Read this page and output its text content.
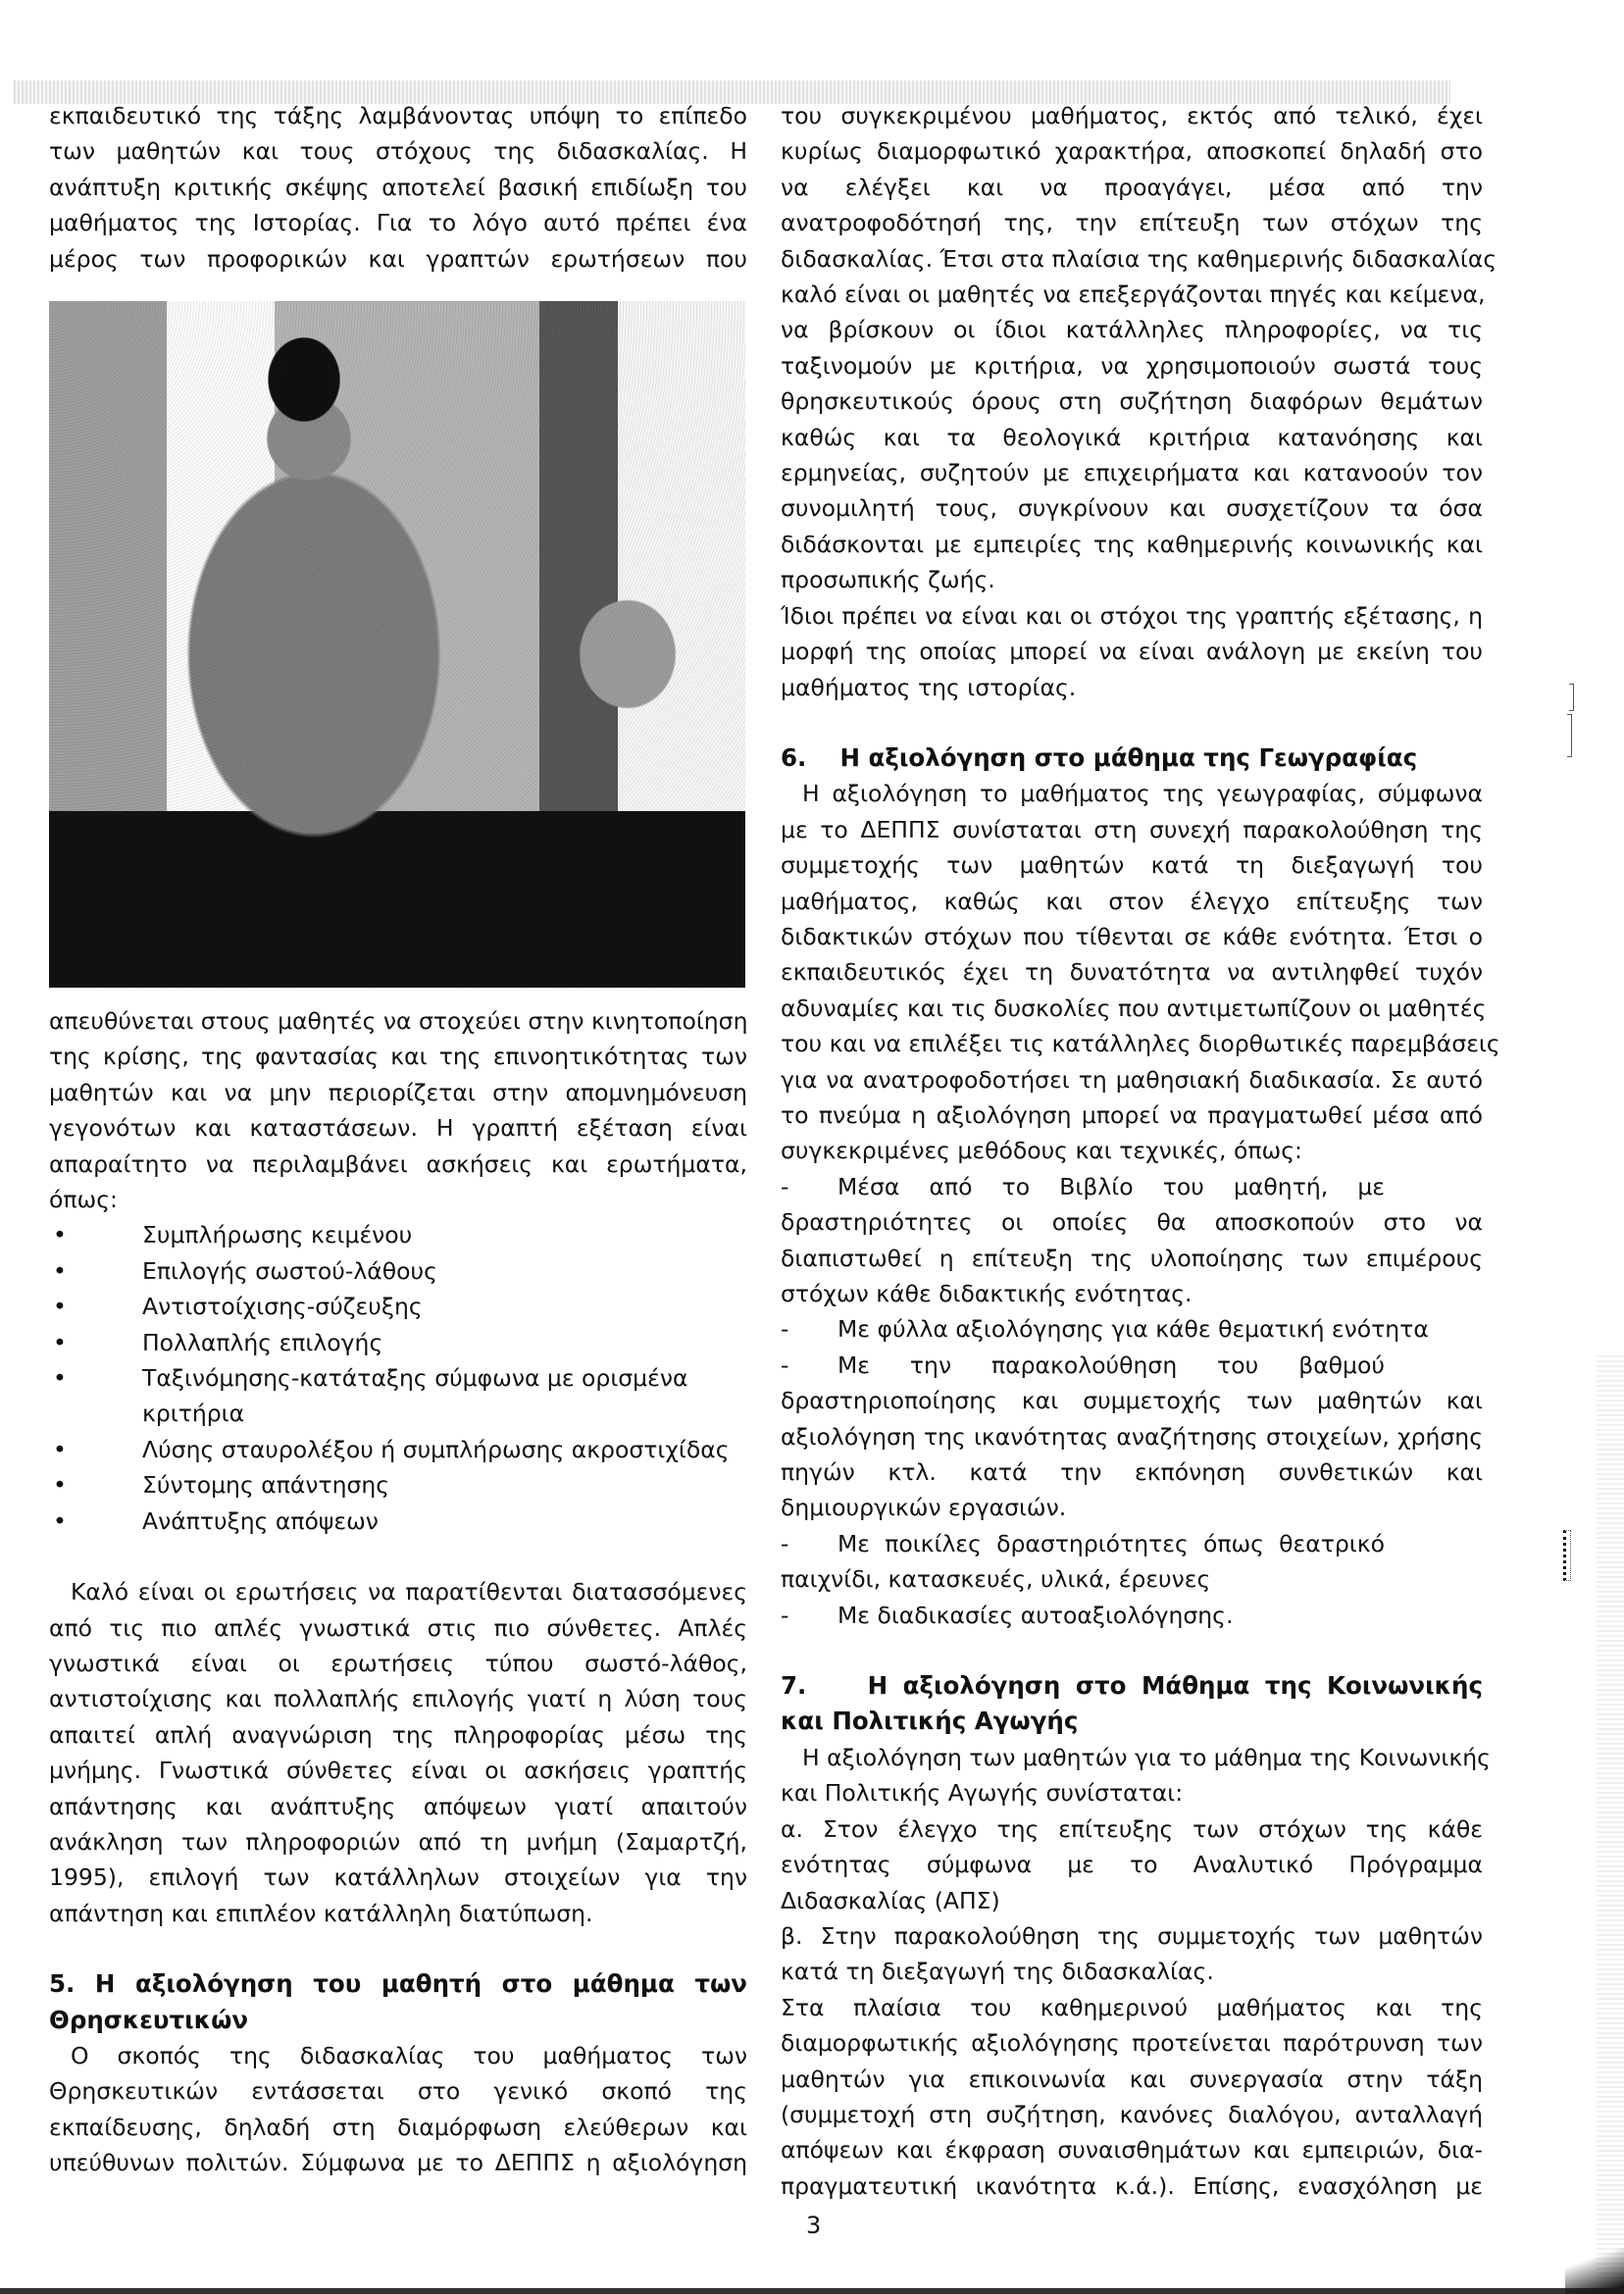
εκπαιδευτικό της τάξης λαμβάνοντας υπόψη το επίπεδο
των μαθητών και τους στόχους της διδασκαλίας. Η
ανάπτυξη κριτικής σκέψης αποτελεί βασική επιδίωξη του
μαθήματος της Ιστορίας. Για το λόγο αυτό πρέπει ένα
μέρος των προφορικών και γραπτών ερωτήσεων που

απευθύνεται στους μαθητές να στοχεύει στην κινητοποίηση
της κρίσης, της φαντασίας και της επινοητικότητας των
μαθητών και να μην περιορίζεται στην απομνημόνευση
γεγονότων και καταστάσεων. Η γραπτή εξέταση είναι
απαραίτητο να περιλαμβάνει ασκήσεις και ερωτήματα,
όπως:

•	Συμπλήρωσης κειμένου
•	Επιλογής σωστού-λάθους
•	Αντιστοίχισης-σύζευξης
•	Πολλαπλής επιλογής
•	Ταξινόμησης-κατάταξης σύμφωνα με ορισμένα κριτήρια
•	Λύσης σταυρολέξου ή συμπλήρωσης ακροστιχίδας
•	Σύντομης απάντησης
•	Ανάπτυξης απόψεων

Καλό είναι οι ερωτήσεις να παρατίθενται διατασσόμενες
από τις πιο απλές γνωστικά στις πιο σύνθετες. Απλές
γνωστικά είναι οι ερωτήσεις τύπου σωστό-λάθος,
αντιστοίχισης και πολλαπλής επιλογής γιατί η λύση τους
απαιτεί απλή αναγνώριση της πληροφορίας μέσω της
μνήμης. Γνωστικά σύνθετες είναι οι ασκήσεις γραπτής
απάντησης και ανάπτυξης απόψεων γιατί απαιτούν
ανάκληση των πληροφοριών από τη μνήμη (Σαμαρτζή,
1995), επιλογή των κατάλληλων στοιχείων για την
απάντηση και επιπλέον κατάλληλη διατύπωση.

5. Η αξιολόγηση του μαθητή στο μάθημα των
Θρησκευτικών

Ο σκοπός της διδασκαλίας του μαθήματος των
Θρησκευτικών εντάσσεται στο γενικό σκοπό της
εκπαίδευσης, δηλαδή στη διαμόρφωση ελεύθερων και
υπεύθυνων πολιτών. Σύμφωνα με το ΔΕΠΠΣ η αξιολόγηση

του συγκεκριμένου μαθήματος, εκτός από τελικό, έχει
κυρίως διαμορφωτικό χαρακτήρα, αποσκοπεί δηλαδή στο
να ελέγξει και να προαγάγει, μέσα από την
ανατροφοδότησή της, την επίτευξη των στόχων της
διδασκαλίας. Έτσι στα πλαίσια της καθημερινής διδασκαλίας
καλό είναι οι μαθητές να επεξεργάζονται πηγές και κείμενα,
να βρίσκουν οι ίδιοι κατάλληλες πληροφορίες, να τις
ταξινομούν με κριτήρια, να χρησιμοποιούν σωστά τους
θρησκευτικούς όρους στη συζήτηση διαφόρων θεμάτων
καθώς και τα θεολογικά κριτήρια κατανόησης και
ερμηνείας, συζητούν με επιχειρήματα και κατανοούν τον
συνομιλητή τους, συγκρίνουν και συσχετίζουν τα όσα
διδάσκονται με εμπειρίες της καθημερινής κοινωνικής και
προσωπικής ζωής.

Ίδιοι πρέπει να είναι και οι στόχοι της γραπτής εξέτασης, η
μορφή της οποίας μπορεί να είναι ανάλογη με εκείνη του
μαθήματος της ιστορίας.

6.    Η αξιολόγηση στο μάθημα της Γεωγραφίας

Η αξιολόγηση το μαθήματος της γεωγραφίας, σύμφωνα
με το ΔΕΠΠΣ συνίσταται στη συνεχή παρακολούθηση της
συμμετοχής των μαθητών κατά τη διεξαγωγή του
μαθήματος, καθώς και στον έλεγχο επίτευξης των
διδακτικών στόχων που τίθενται σε κάθε ενότητα. Έτσι ο
εκπαιδευτικός έχει τη δυνατότητα να αντιληφθεί τυχόν
αδυναμίες και τις δυσκολίες που αντιμετωπίζουν οι μαθητές
του και να επιλέξει τις κατάλληλες διορθωτικές παρεμβάσεις
για να ανατροφοδοτήσει τη μαθησιακή διαδικασία. Σε αυτό
το πνεύμα η αξιολόγηση μπορεί να πραγματωθεί μέσα από
συγκεκριμένες μεθόδους και τεχνικές, όπως:

- Μέσα από το Βιβλίο του μαθητή, με
δραστηριότητες οι οποίες θα αποσκοπούν στο να
διαπιστωθεί η επίτευξη της υλοποίησης των επιμέρους
στόχων κάθε διδακτικής ενότητας.
- Με φύλλα αξιολόγησης για κάθε θεματική ενότητα
- Με την παρακολούθηση του βαθμού
δραστηριοποίησης και συμμετοχής των μαθητών και
αξιολόγηση της ικανότητας αναζήτησης στοιχείων, χρήσης
πηγών κτλ. κατά την εκπόνηση συνθετικών και
δημιουργικών εργασιών.
- Με ποικίλες δραστηριότητες όπως θεατρικό
παιχνίδι, κατασκευές, υλικά, έρευνες
- Με διαδικασίες αυτοαξιολόγησης.
7.    Η αξιολόγηση στο Μάθημα της Κοινωνικής
και Πολιτικής Αγωγής

Η αξιολόγηση των μαθητών για το μάθημα της Κοινωνικής
και Πολιτικής Αγωγής συνίσταται:

α. Στον έλεγχο της επίτευξης των στόχων της κάθε
ενότητας σύμφωνα με το Αναλυτικό Πρόγραμμα
Διδασκαλίας (ΑΠΣ)

β. Στην παρακολούθηση της συμμετοχής των μαθητών
κατά τη διεξαγωγή της διδασκαλίας.

Στα πλαίσια του καθημερινού μαθήματος και της
διαμορφωτικής αξιολόγησης προτείνεται παρότρυνση των
μαθητών για επικοινωνία και συνεργασία στην τάξη
(συμμετοχή στη συζήτηση, κανόνες διαλόγου, ανταλλαγή
απόψεων και έκφραση συναισθημάτων και εμπειριών, δια-
πραγματευτική ικανότητα κ.ά.). Επίσης, ενασχόληση με

3
